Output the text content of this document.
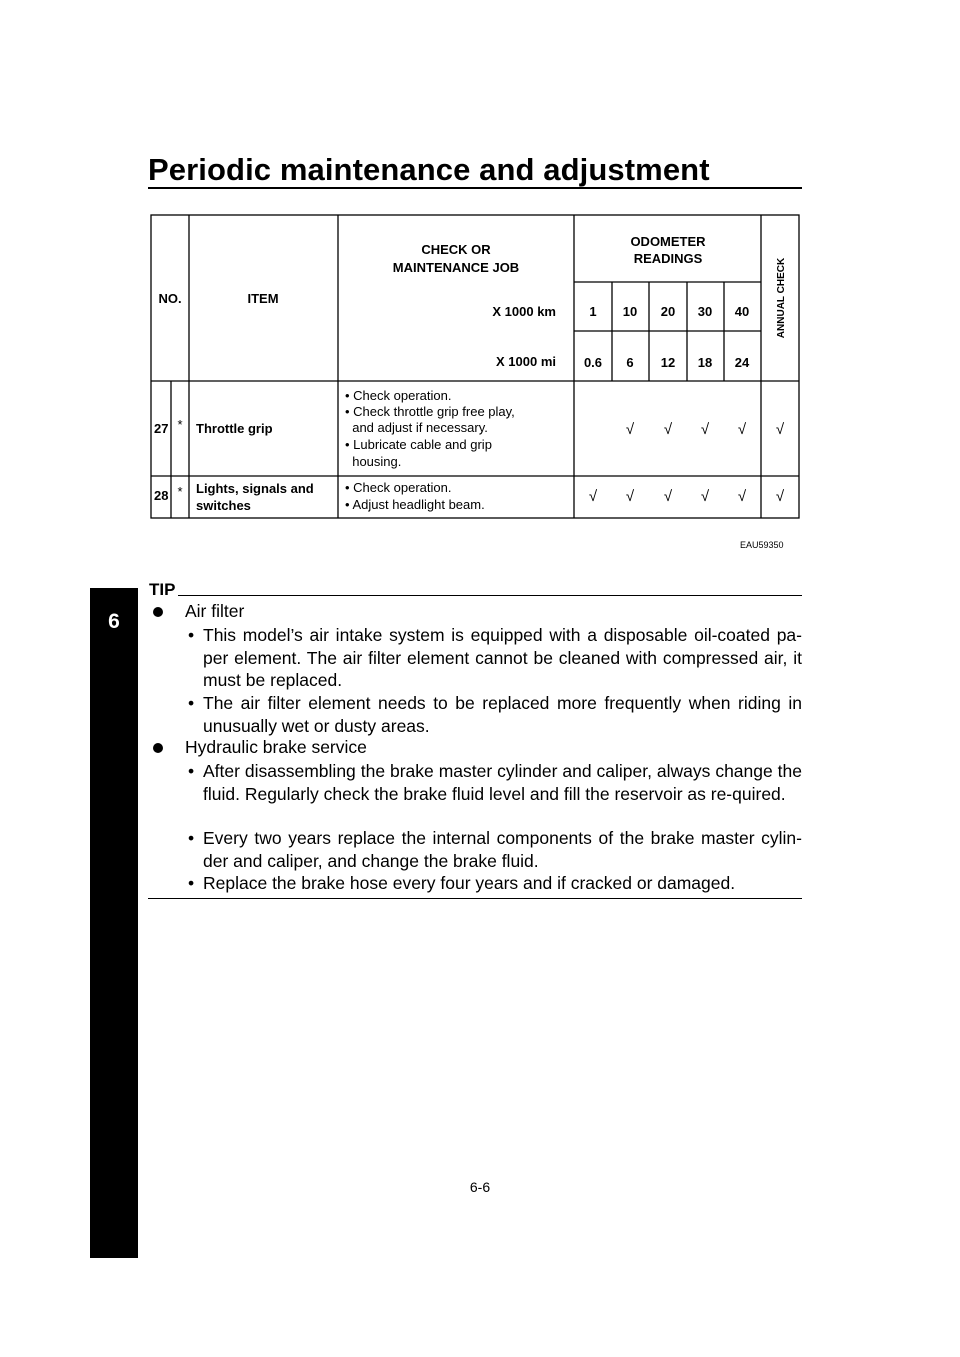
Periodic maintenance and adjustment
6
NO.	ITEM
CHECK OR
MAINTENANCE JOB
ODOMETER
READINGS
X 1000 km
X 1000 mi
ANNUAL CHECK
1 10 20 30 40
0.6 6 12 18 24
27 * Throttle grip
28 * Lights, signals and
switches
• Check operation.
• Check throttle grip free play,
and adjust if necessary.
• Lubricate cable and grip
housing.
• Check operation.
• Adjust headlight beam.
√ √ √ √ √
√ √ √ √ √ √
EAU59350
TIP
Air filter
• This model’s air intake system is equipped with a disposable oil-coated pa-per element. The air filter element cannot be cleaned with compressed air, it must be replaced.
• The air filter element needs to be replaced more frequently when riding in unusually wet or dusty areas.
Hydraulic brake service
• After disassembling the brake master cylinder and caliper, always change the fluid. Regularly check the brake fluid level and fill the reservoir as re-quired.
• Every two years replace the internal components of the brake master cylin-der and caliper, and change the brake fluid.
• Replace the brake hose every four years and if cracked or damaged.
6-6
